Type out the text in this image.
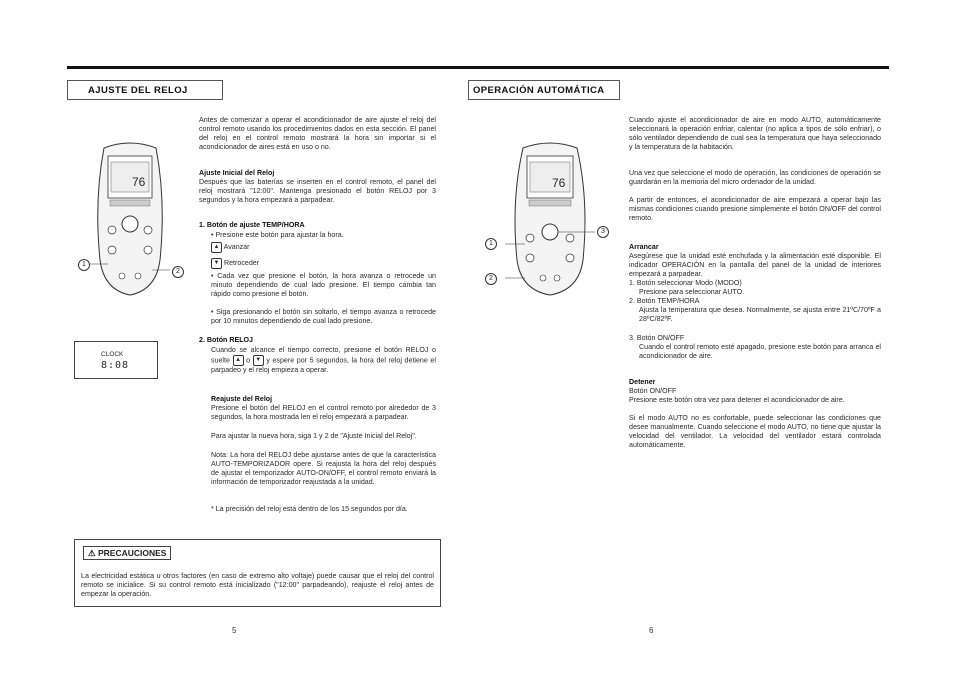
AJUSTE DEL RELOJ
76
1
2
CLOCK
8:08

Antes de comenzar a operar el acondicionador de aire ajuste el reloj del control remoto usando los procedimientos dados en esta sección. El panel del reloj en el control remoto mostrará la hora sin importar si el acondicionador de aires está en uso o no.

Ajuste Inicial del Reloj

Después que las baterías se inserten en el control remoto, el panel del reloj mostrará "12:00". Mantenga presionado el botón RELOJ por 3 segundos y la hora empezará a parpadear.

1. Botón de ajuste TEMP/HORA

• Presione este botón para ajustar la hora.

▲ Avanzar
▼ Retroceder

• Cada vez que presione el botón, la hora avanza o retrocede un minuto dependiendo de cual lado presione. El tiempo cambia tan rápido como presione el botón.

• Siga presionando el botón sin soltarlo, el tiempo avanza o retrocede por 10 minutos dependiendo de cual lado presione.

2. Botón RELOJ

Cuando se alcance el tiempo correcto, presione el botón RELOJ o suelte ▲ o ▼ y espere por 5 segundos, la hora del reloj detiene el parpadeo y el reloj empieza a operar.

Reajuste del Reloj

Presione el botón del RELOJ en el control remoto por alrededor de 3 segundos, la hora mostrada len el reloj empezará a parpadear.

Para ajustar la nueva hora, siga 1 y 2 de "Ajuste Inicial del Reloj".

Nota: La hora del RELOJ debe ajustarse antes de que la característica AUTO-TEMPORIZADOR opere. Si reajusta la hora del reloj después de ajustar el temporizador AUTO-ON/OFF, el control remoto enviará la información de temporizador reajustada a la unidad.

* La precisión del reloj está dentro de los 15 segundos por día.

⚠ PRECAUCIONES

La electricidad estática u otros factores (en caso de extremo alto voltaje) puede causar que el reloj del control remoto se inicialice. Si su control remoto está inicializado ("12:00" parpadeando), reajuste el reloj antes de empezar la operación.

5
OPERACIÓN AUTOMÁTICA
76
1
2
3

Cuando ajuste el acondicionador de aire en modo AUTO, automáticamente seleccionará la operación enfriar, calentar (no aplica a tipos de sólo enfriar), o sólo ventilador dependiendo de cual sea la temperatura que haya seleccionado y la temperatura de la habitación.

Una vez que seleccione el modo de operación, las condiciones de operación se guardarán en la memoria del micro ordenador de la unidad.

A partir de entonces, el acondicionador de aire empezará a operar bajo las mismas condiciones cuando presione simplemente el botón ON/OFF del control remoto.

Arrancar

Asegúrese que la unidad esté enchufada y la alimentación esté disponible. El indicador OPERACIÓN en la pantalla del panel de la unidad de interiores empezará a parpadear.

1. Botón seleccionar Modo (MODO)

Presione para seleccionar AUTO.

2. Botón TEMP/HORA

Ajusta la temperatura que desea. Normalmente, se ajusta entre 21ºC/70ºF a 28ºC/82ºF.

3. Botón ON/OFF

Cuando el control remoto esté apagado, presione este botón para arranca el acondicionador de aire.

Detener

Botón ON/OFF

Presione este botón otra vez para detener el acondicionador de aire.

Si el modo AUTO no es confortable, puede seleccionar las condiciones que desee manualmente. Cuando seleccione el modo AUTO, no tiene que ajustar la velocidad del ventilador. La velocidad del ventilador estará controlada automáticamente.

6
